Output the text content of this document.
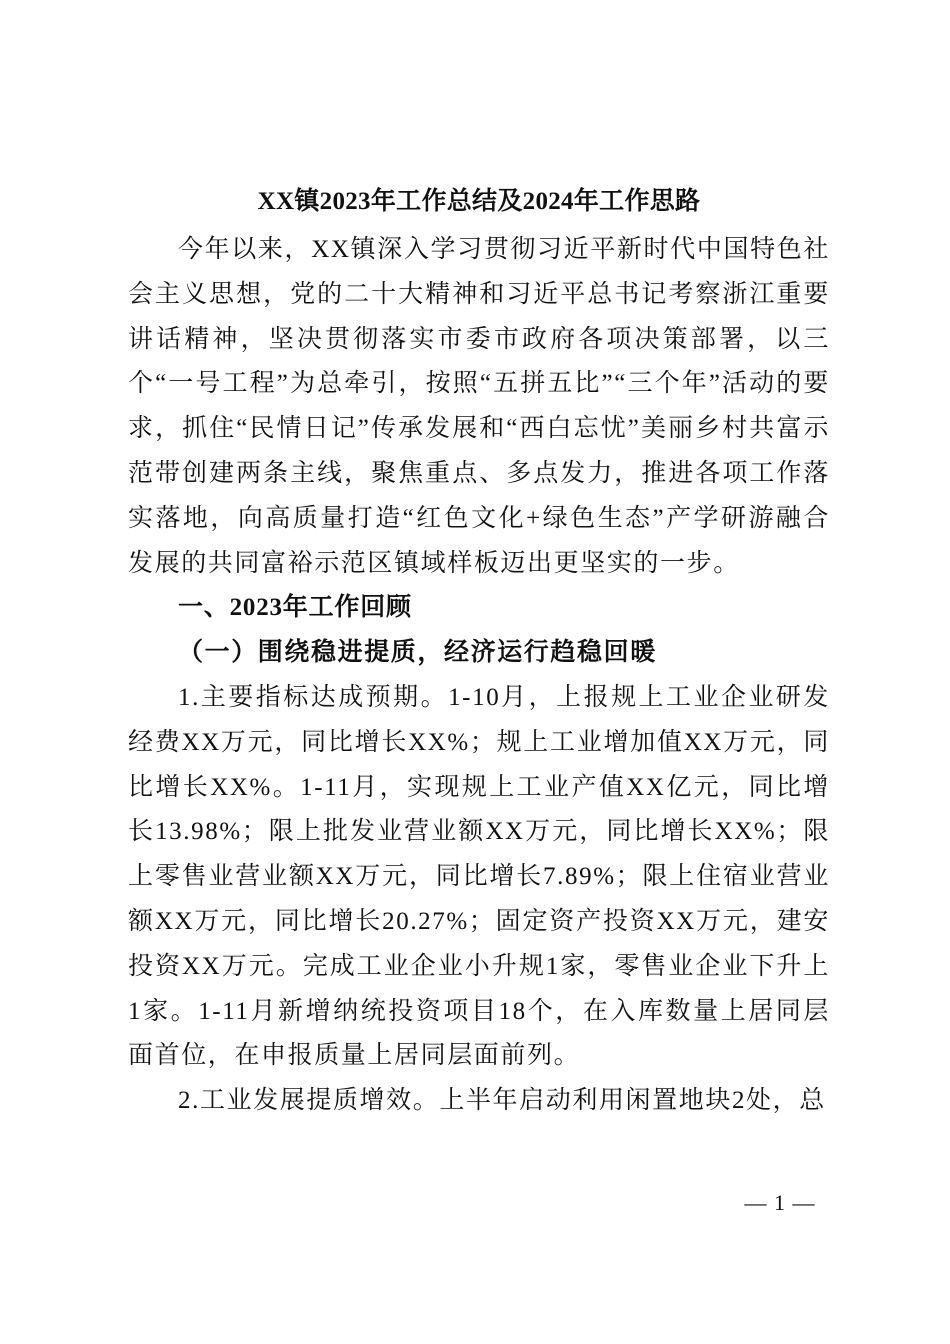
XX镇2023年工作总结及2024年工作思路

今年以来，XX镇深入学习贯彻习近平新时代中国特色社会主义思想，党的二十大精神和习近平总书记考察浙江重要讲话精神，坚决贯彻落实市委市政府各项决策部署，以三个“一号工程”为总牵引，按照“五拼五比”“三个年”活动的要求，抓住“民情日记”传承发展和“西白忘忧”美丽乡村共富示范带创建两条主线，聚焦重点、多点发力，推进各项工作落实落地，向高质量打造“红色文化+绿色生态”产学研游融合发展的共同富裕示范区镇域样板迈出更坚实的一步。

一、2023年工作回顾

（一）围绕稳进提质，经济运行趋稳回暖

1.主要指标达成预期。1-10月，上报规上工业企业研发经费XX万元，同比增长XX%；规上工业增加值XX万元，同比增长XX%。1-11月，实现规上工业产值XX亿元，同比增长13.98%；限上批发业营业额XX万元，同比增长XX%；限上零售业营业额XX万元，同比增长7.89%；限上住宿业营业额XX万元，同比增长20.27%；固定资产投资XX万元，建安投资XX万元。完成工业企业小升规1家，零售业企业下升上1家。1-11月新增纳统投资项目18个，在入库数量上居同层面首位，在申报质量上居同层面前列。

2.工业发展提质增效。上半年启动利用闲置地块2处，总

— 1 —
